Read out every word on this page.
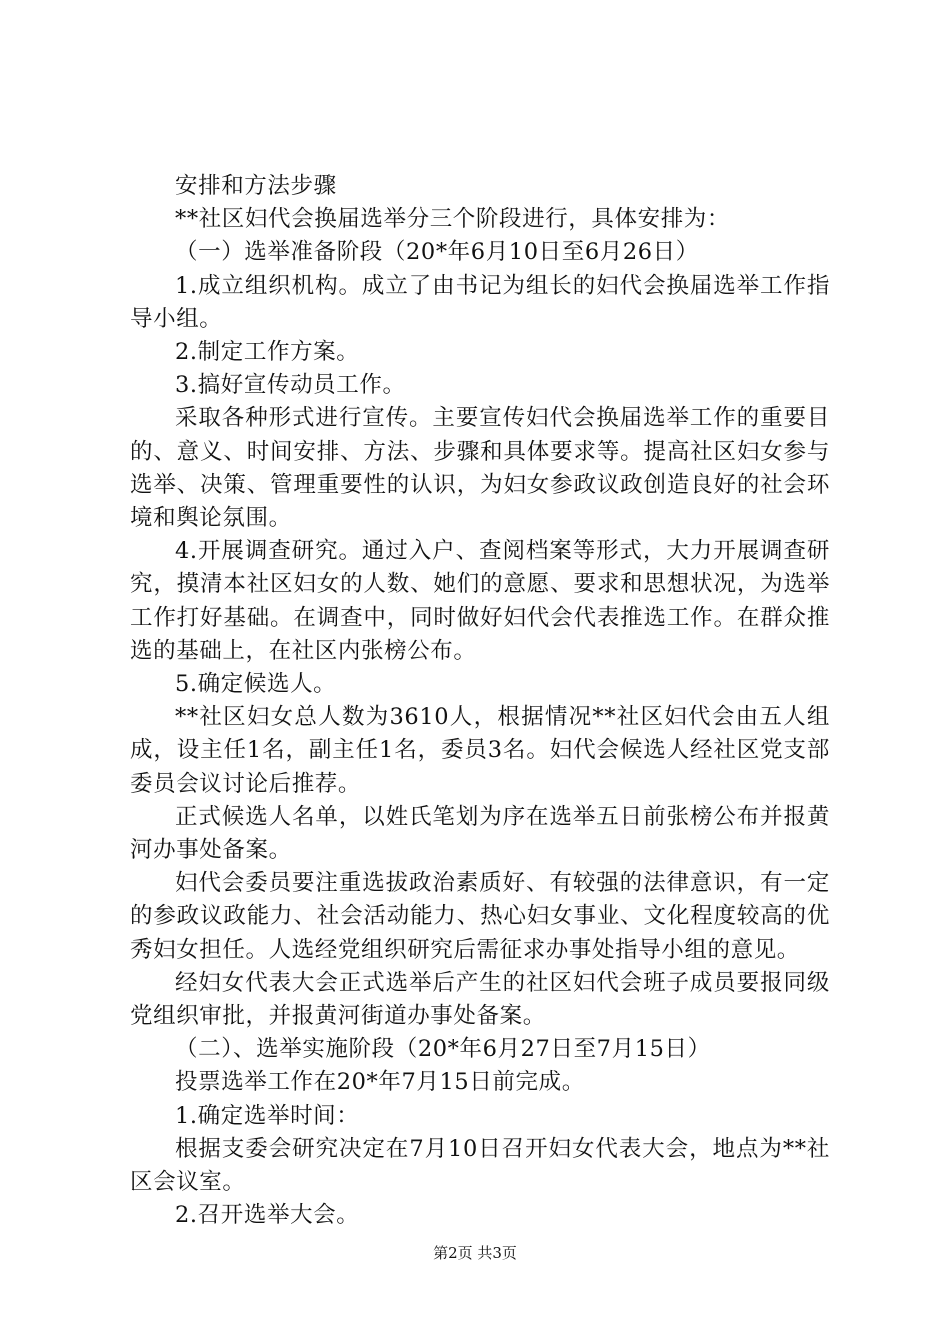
安排和方法步骤

**社区妇代会换届选举分三个阶段进行，具体安排为：

（一）选举准备阶段（20*年6月10日至6月26日）

1.成立组织机构。成立了由书记为组长的妇代会换届选举工作指导小组。

2.制定工作方案。

3.搞好宣传动员工作。

采取各种形式进行宣传。主要宣传妇代会换届选举工作的重要目的、意义、时间安排、方法、步骤和具体要求等。提高社区妇女参与选举、决策、管理重要性的认识，为妇女参政议政创造良好的社会环境和舆论氛围。

4.开展调查研究。通过入户、查阅档案等形式，大力开展调查研究，摸清本社区妇女的人数、她们的意愿、要求和思想状况，为选举工作打好基础。在调查中，同时做好妇代会代表推选工作。在群众推选的基础上，在社区内张榜公布。

5.确定候选人。

**社区妇女总人数为3610人，根据情况**社区妇代会由五人组成，设主任1名，副主任1名，委员3名。妇代会候选人经社区党支部委员会议讨论后推荐。

正式候选人名单，以姓氏笔划为序在选举五日前张榜公布并报黄河办事处备案。

妇代会委员要注重选拔政治素质好、有较强的法律意识，有一定的参政议政能力、社会活动能力、热心妇女事业、文化程度较高的优秀妇女担任。人选经党组织研究后需征求办事处指导小组的意见。

经妇女代表大会正式选举后产生的社区妇代会班子成员要报同级党组织审批，并报黄河街道办事处备案。

（二）、选举实施阶段（20*年6月27日至7月15日）

投票选举工作在20*年7月15日前完成。

1.确定选举时间：

根据支委会研究决定在7月10日召开妇女代表大会，地点为**社区会议室。

2.召开选举大会。

第2页 共3页
